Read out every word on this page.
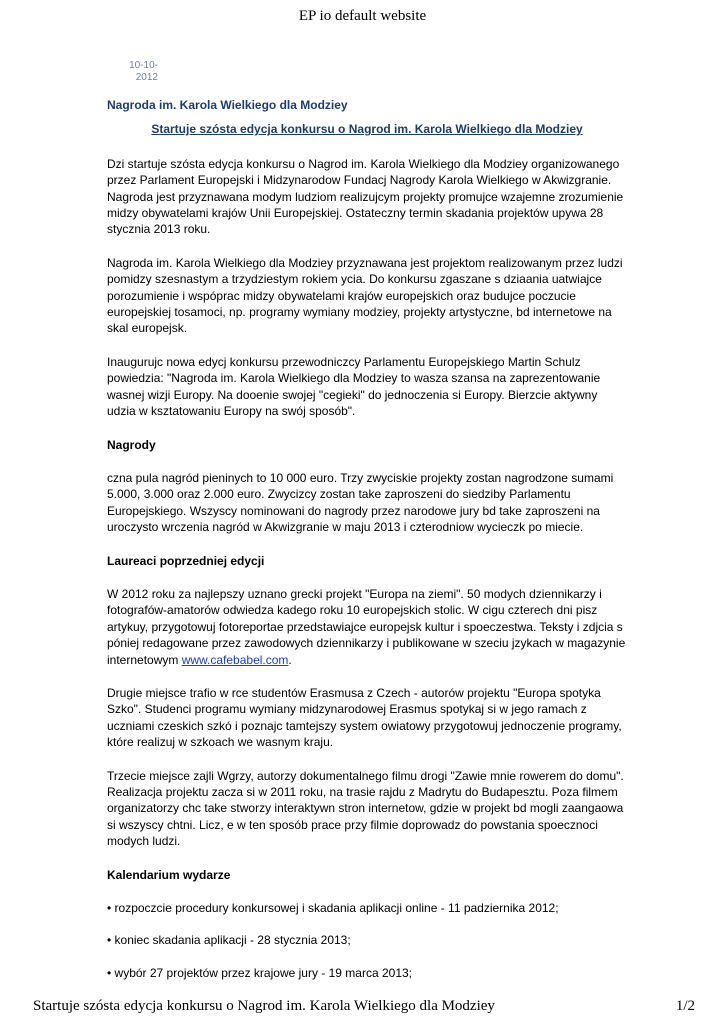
EP io default website
10-10-2012
Nagroda im. Karola Wielkiego dla Modziey
Startuje szósta edycja konkursu o Nagrod im. Karola Wielkiego dla Modziey

Dzi startuje szósta edycja konkursu o Nagrod im. Karola Wielkiego dla Modziey organizowanego przez Parlament Europejski i Midzynarodow Fundacj Nagrody Karola Wielkiego w Akwizgranie. Nagroda jest przyznawana modym ludziom realizujcym projekty promujce wzajemne zrozumienie midzy obywatelami krajów Unii Europejskiej. Ostateczny termin skadania projektów upywa 28 stycznia 2013 roku.

Nagroda im. Karola Wielkiego dla Modziey przyznawana jest projektom realizowanym przez ludzi pomidzy szesnastym a trzydziestym rokiem ycia. Do konkursu zgaszane s dziaania uatwiajce porozumienie i wspóprac midzy obywatelami krajów europejskich oraz budujce poczucie europejskiej tosamoci, np. programy wymiany modziey, projekty artystyczne, bd internetowe na skal europejsk.

Inaugurujc nowa edycj konkursu przewodniczcy Parlamentu Europejskiego Martin Schulz powiedzia: "Nagroda im. Karola Wielkiego dla Modziey to wasza szansa na zaprezentowanie wasnej wizji Europy. Na dooenie swojej "cegieki" do jednoczenia si Europy. Bierzcie aktywny udzia w ksztatowaniu Europy na swój sposób".

Nagrody

czna pula nagród pieninych to 10 000 euro. Trzy zwyciskie projekty zostan nagrodzone sumami 5.000, 3.000 oraz 2.000 euro. Zwycizcy zostan take zaproszeni do siedziby Parlamentu Europejskiego. Wszyscy nominowani do nagrody przez narodowe jury bd take zaproszeni na uroczysto wrczenia nagród w Akwizgranie w maju 2013 i czterodniow wycieczk po miecie.

Laureaci poprzedniej edycji

W 2012 roku za najlepszy uznano grecki projekt "Europa na ziemi". 50 modych dziennikarzy i fotografów-amatorów odwiedza kadego roku 10 europejskich stolic. W cigu czterech dni pisz artykuy, przygotowuj fotoreportae przedstawiajce europejsk kultur i spoeczestwa. Teksty i zdjcia s póniej redagowane przez zawodowych dziennikarzy i publikowane w szeciu jzykach w magazynie internetowym www.cafebabel.com.

Drugie miejsce trafio w rce studentów Erasmusa z Czech - autorów projektu "Europa spotyka Szko". Studenci programu wymiany midzynarodowej Erasmus spotykaj si w jego ramach z uczniami czeskich szkó i poznajc tamtejszy system owiatowy przygotowuj jednoczenie programy, które realizuj w szkoach we wasnym kraju.

Trzecie miejsce zajli Wgrzy, autorzy dokumentalnego filmu drogi "Zawie mnie rowerem do domu". Realizacja projektu zacza si w 2011 roku, na trasie rajdu z Madrytu do Budapesztu. Poza filmem organizatorzy chc take stworzy interaktywn stron internetow, gdzie w projekt bd mogli zaangaowa si wszyscy chtni. Licz, e w ten sposób prace przy filmie doprowadz do powstania spoecznoci modych ludzi.

Kalendarium wydarze
• rozpoczcie procedury konkursowej i skadania aplikacji online - 11 padziernika 2012;
• koniec skadania aplikacji - 28 stycznia 2013;
• wybór 27 projektów przez krajowe jury - 19 marca 2013;
Startuje szósta edycja konkursu o Nagrod im. Karola Wielkiego dla Modziey	1/2
